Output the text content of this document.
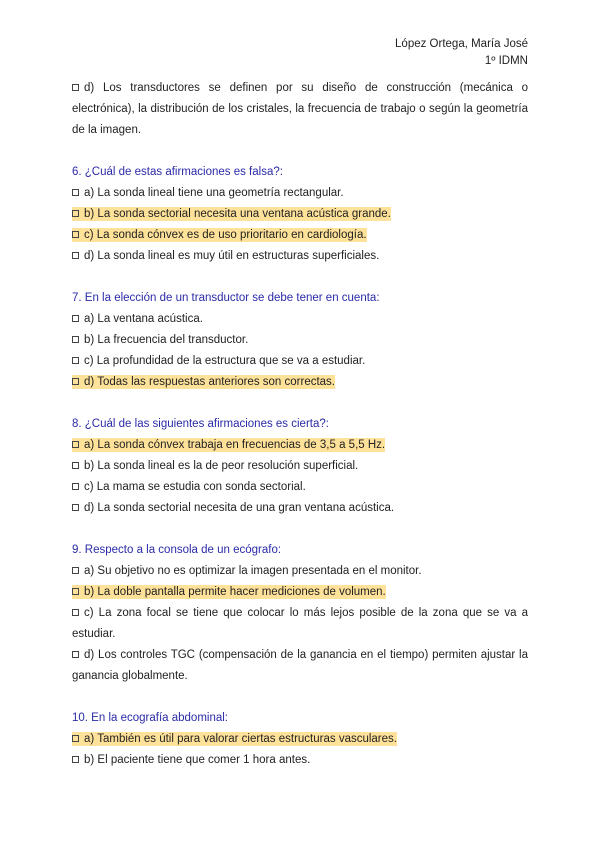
López Ortega, María José
1º IDMN

d) Los transductores se definen por su diseño de construcción (mecánica o electrónica), la distribución de los cristales, la frecuencia de trabajo o según la geometría de la imagen.

6. ¿Cuál de estas afirmaciones es falsa?:

a) La sonda lineal tiene una geometría rectangular.

b) La sonda sectorial necesita una ventana acústica grande.

c) La sonda cónvex es de uso prioritario en cardiología.

d) La sonda lineal es muy útil en estructuras superficiales.

7. En la elección de un transductor se debe tener en cuenta:

a) La ventana acústica.

b) La frecuencia del transductor.

c) La profundidad de la estructura que se va a estudiar.

d) Todas las respuestas anteriores son correctas.

8. ¿Cuál de las siguientes afirmaciones es cierta?:

a) La sonda cónvex trabaja en frecuencias de 3,5 a 5,5 Hz.

b) La sonda lineal es la de peor resolución superficial.

c) La mama se estudia con sonda sectorial.

d) La sonda sectorial necesita de una gran ventana acústica.

9. Respecto a la consola de un ecógrafo:

a) Su objetivo no es optimizar la imagen presentada en el monitor.

b) La doble pantalla permite hacer mediciones de volumen.

c) La zona focal se tiene que colocar lo más lejos posible de la zona que se va a estudiar.

d) Los controles TGC (compensación de la ganancia en el tiempo) permiten ajustar la ganancia globalmente.

10. En la ecografía abdominal:

a) También es útil para valorar ciertas estructuras vasculares.

b) El paciente tiene que comer 1 hora antes.
